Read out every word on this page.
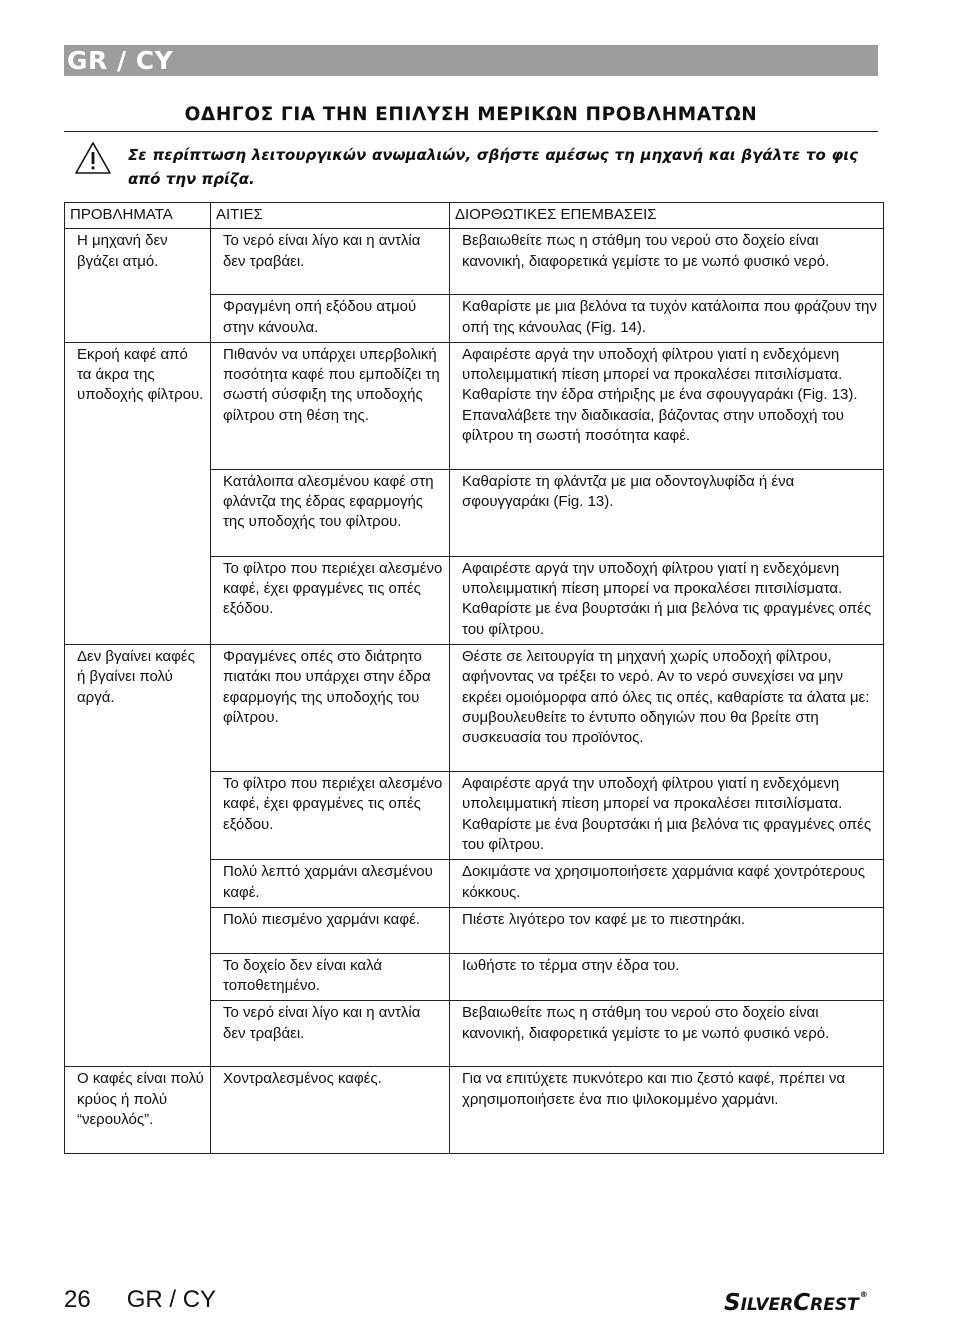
GR / CY
ΟΔΗΓΟΣ ΓΙΑ ΤΗΝ ΕΠΙΛΥΣΗ ΜΕΡΙΚΩΝ ΠΡΟΒΛΗΜΑΤΩΝ
Σε περίπτωση λειτουργικών ανωμαλιών, σβήστε αμέσως τη μηχανή και βγάλτε το φις από την πρίζα.
ΠΡΟΒΛΗΜΑΤΑ	ΑΙΤΙΕΣ	ΔΙΟΡΘΩΤΙΚΕΣ ΕΠΕΜΒΑΣΕΙΣ
Η μηχανή δεν βγάζει ατμό.	Το νερό είναι λίγο και η αντλία δεν τραβάει.	Βεβαιωθείτε πως η στάθμη του νερού στο δοχείο είναι κανονική, διαφορετικά γεμίστε το με νωπό φυσικό νερό.
	Φραγμένη οπή εξόδου ατμού στην κάνουλα.	Καθαρίστε με μια βελόνα τα τυχόν κατάλοιπα που φράζουν την οπή της κάνουλας (Fig. 14).
Εκροή καφέ από τα άκρα της υποδοχής φίλτρου.	Πιθανόν να υπάρχει υπερβολική ποσότητα καφέ που εμποδίζει τη σωστή σύσφιξη της υποδοχής φίλτρου στη θέση της.	Αφαιρέστε αργά την υποδοχή φίλτρου γιατί η ενδεχόμενη υπολειμματική πίεση μπορεί να προκαλέσει πιτσιλίσματα. Καθαρίστε την έδρα στήριξης με ένα σφουγγαράκι (Fig. 13). Επαναλάβετε την διαδικασία, βάζοντας στην υποδοχή του φίλτρου τη σωστή ποσότητα καφέ.
	Κατάλοιπα αλεσμένου καφέ στη φλάντζα της έδρας εφαρμογής της υποδοχής του φίλτρου.	Καθαρίστε τη φλάντζα με μια οδοντογλυφίδα ή ένα σφουγγαράκι (Fig. 13).
	Το φίλτρο που περιέχει αλεσμένο καφέ, έχει φραγμένες τις οπές εξόδου.	Αφαιρέστε αργά την υποδοχή φίλτρου γιατί η ενδεχόμενη υπολειμματική πίεση μπορεί να προκαλέσει πιτσιλίσματα. Καθαρίστε με ένα βουρτσάκι ή μια βελόνα τις φραγμένες οπές του φίλτρου.
Δεν βγαίνει καφές ή βγαίνει πολύ αργά.	Φραγμένες οπές στο διάτρητο πιατάκι που υπάρχει στην έδρα εφαρμογής της υποδοχής του φίλτρου.	Θέστε σε λειτουργία τη μηχανή χωρίς υποδοχή φίλτρου, αφήνοντας να τρέξει το νερό. Αν το νερό συνεχίσει να μην εκρέει ομοιόμορφα από όλες τις οπές, καθαρίστε τα άλατα με: συμβουλευθείτε το έντυπο οδηγιών που θα βρείτε στη συσκευασία του προϊόντος.
	Το φίλτρο που περιέχει αλεσμένο καφέ, έχει φραγμένες τις οπές εξόδου.	Αφαιρέστε αργά την υποδοχή φίλτρου γιατί η ενδεχόμενη υπολειμματική πίεση μπορεί να προκαλέσει πιτσιλίσματα. Καθαρίστε με ένα βουρτσάκι ή μια βελόνα τις φραγμένες οπές του φίλτρου.
	Πολύ λεπτό χαρμάνι αλεσμένου καφέ.	Δοκιμάστε να χρησιμοποιήσετε χαρμάνια καφέ χοντρότερους κόκκους.
	Πολύ πιεσμένο χαρμάνι καφέ.	Πιέστε λιγότερο τον καφέ με το πιεστηράκι.
	Το δοχείο δεν είναι καλά τοποθετημένο.	Ιωθήστε το τέρμα στην έδρα του.
	Το νερό είναι λίγο και η αντλία δεν τραβάει.	Βεβαιωθείτε πως η στάθμη του νερού στο δοχείο είναι κανονική, διαφορετικά γεμίστε το με νωπό φυσικό νερό.
Ο καφές είναι πολύ κρύος ή πολύ “νερουλός”.	Χοντραλεσμένος καφές.	Για να επιτύχετε πυκνότερο και πιο ζεστό καφέ, πρέπει να χρησιμοποιήσετε ένα πιο ψιλοκομμένο χαρμάνι.
26 GR / CY	SILVERCREST®
